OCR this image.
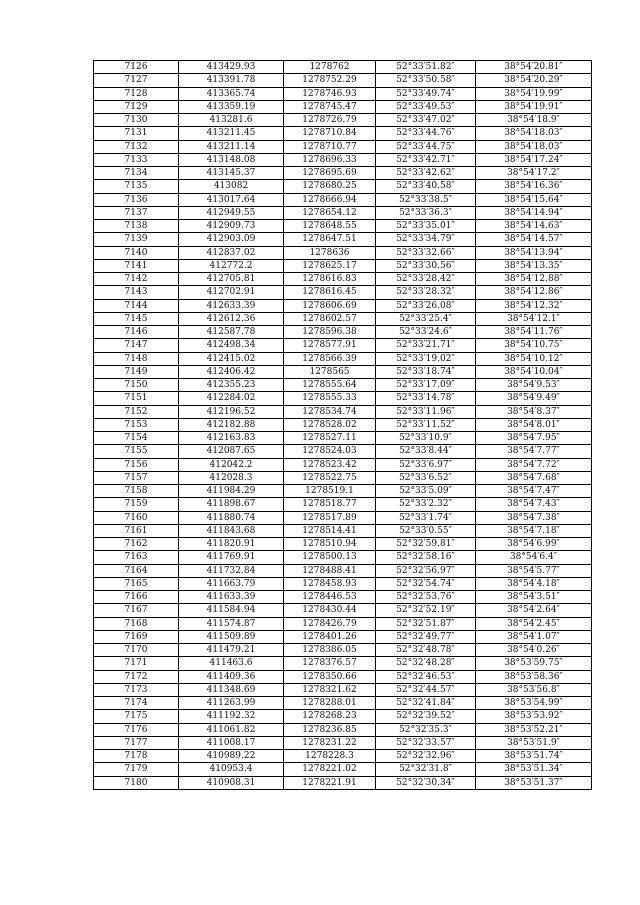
7126	413429.93	1278762	52°33′51.82″	38°54′20.81″
7127	413391.78	1278752.29	52°33′50.58″	38°54′20.29″
7128	413365.74	1278746.93	52°33′49.74″	38°54′19.99″
7129	413359.19	1278745.47	52°33′49.53″	38°54′19.91″
7130	413281.6	1278726.79	52°33′47.02″	38°54′18.9″
7131	413211.45	1278710.84	52°33′44.76″	38°54′18.03″
7132	413211.14	1278710.77	52°33′44.75″	38°54′18.03″
7133	413148.08	1278696.33	52°33′42.71″	38°54′17.24″
7134	413145.37	1278695.69	52°33′42.62″	38°54′17.2″
7135	413082	1278680.25	52°33′40.58″	38°54′16.36″
7136	413017.64	1278666.94	52°33′38.5″	38°54′15.64″
7137	412949.55	1278654.12	52°33′36.3″	38°54′14.94″
7138	412909.73	1278648.55	52°33′35.01″	38°54′14.63″
7139	412903.09	1278647.51	52°33′34.79″	38°54′14.57″
7140	412837.02	1278636	52°33′32.66″	38°54′13.94″
7141	412772.2	1278625.17	52°33′30.56″	38°54′13.35″
7142	412705.81	1278616.83	52°33′28.42″	38°54′12.88″
7143	412702.91	1278616.45	52°33′28.32″	38°54′12.86″
7144	412633.39	1278606.69	52°33′26.08″	38°54′12.32″
7145	412612.36	1278602.57	52°33′25.4″	38°54′12.1″
7146	412587.78	1278596.38	52°33′24.6″	38°54′11.76″
7147	412498.34	1278577.91	52°33′21.71″	38°54′10.75″
7148	412415.02	1278566.39	52°33′19.02″	38°54′10.12″
7149	412406.42	1278565	52°33′18.74″	38°54′10.04″
7150	412355.23	1278555.64	52°33′17.09″	38°54′9.53″
7151	412284.02	1278555.33	52°33′14.78″	38°54′9.49″
7152	412196.52	1278534.74	52°33′11.96″	38°54′8.37″
7153	412182.88	1278528.02	52°33′11.52″	38°54′8.01″
7154	412163.83	1278527.11	52°33′10.9″	38°54′7.95″
7155	412087.65	1278524.03	52°33′8.44″	38°54′7.77″
7156	412042.2	1278523.42	52°33′6.97″	38°54′7.72″
7157	412028.3	1278522.75	52°33′6.52″	38°54′7.68″
7158	411984.29	1278519.1	52°33′5.09″	38°54′7.47″
7159	411898.67	1278518.77	52°33′2.32″	38°54′7.43″
7160	411880.74	1278517.89	52°33′1.74″	38°54′7.38″
7161	411843.68	1278514.41	52°33′0.55″	38°54′7.18″
7162	411820.91	1278510.94	52°32′59.81″	38°54′6.99″
7163	411769.91	1278500.13	52°32′58.16″	38°54′6.4″
7164	411732.84	1278488.41	52°32′56.97″	38°54′5.77″
7165	411663.79	1278458.93	52°32′54.74″	38°54′4.18″
7166	411633.39	1278446.53	52°32′53.76″	38°54′3.51″
7167	411584.94	1278430.44	52°32′52.19″	38°54′2.64″
7168	411574.87	1278426.79	52°32′51.87″	38°54′2.45″
7169	411509.89	1278401.26	52°32′49.77″	38°54′1.07″
7170	411479.21	1278386.05	52°32′48.78″	38°54′0.26″
7171	411463.6	1278376.57	52°32′48.28″	38°53′59.75″
7172	411409.36	1278350.66	52°32′46.53″	38°53′58.36″
7173	411348.69	1278321.62	52°32′44.57″	38°53′56.8″
7174	411263.99	1278288.01	52°32′41.84″	38°53′54.99″
7175	411192.32	1278268.23	52°32′39.52″	38°53′53.92″
7176	411061.82	1278236.85	52°32′35.3″	38°53′52.21″
7177	411008.17	1278231.22	52°32′33.57″	38°53′51.9″
7178	410989.22	1278228.3	52°32′32.96″	38°53′51.74″
7179	410953.4	1278221.02	52°32′31.8″	38°53′51.34″
7180	410908.31	1278221.91	52°32′30.34″	38°53′51.37″
